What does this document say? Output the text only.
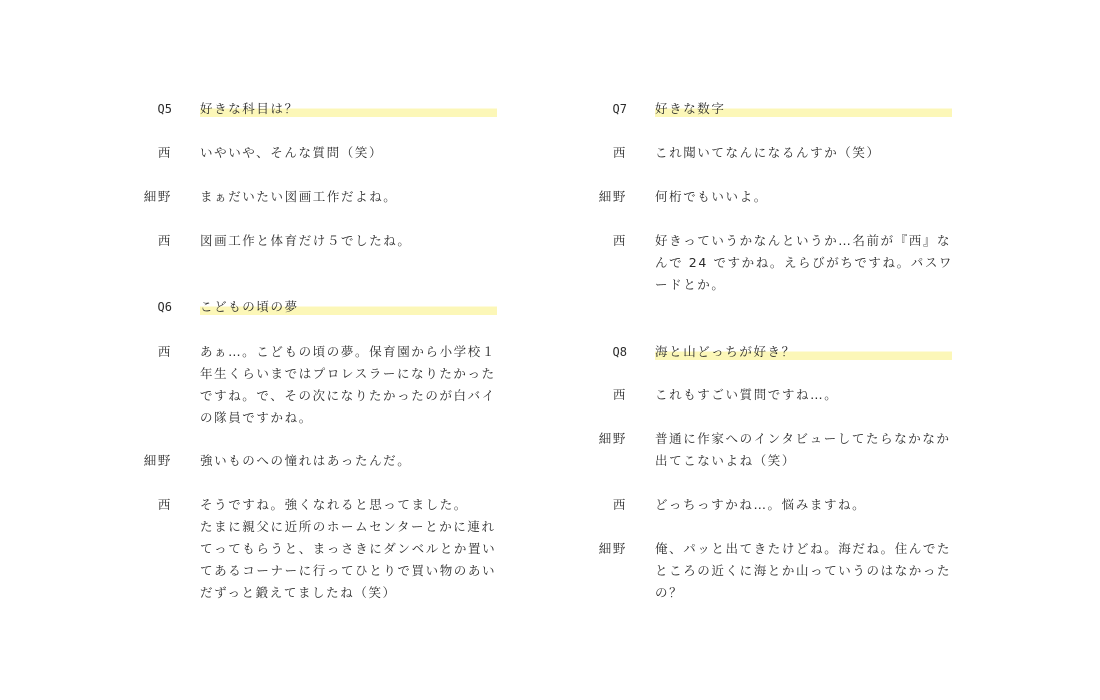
Q5 好きな科目は？
西 いやいや、そんな質問（笑）
細野 まぁだいたい図画工作だよね。
西 図画工作と体育だけ５でしたね。
Q6 こどもの頃の夢
西 あぁ…。こどもの頃の夢。保育園から小学校１
年生くらいまではプロレスラーになりたかった
ですね。で、その次になりたかったのが白バイ
の隊員ですかね。
細野 強いものへの憧れはあったんだ。
西 そうですね。強くなれると思ってました。
たまに親父に近所のホームセンターとかに連れ
てってもらうと、まっさきにダンベルとか置い
てあるコーナーに行ってひとりで買い物のあい
だずっと鍛えてましたね（笑）
Q7 好きな数字
西 これ聞いてなんになるんすか（笑）
細野 何桁でもいいよ。
西 好きっていうかなんというか…名前が『西』な
んで 24 ですかね。えらびがちですね。パスワ
ードとか。
Q8 海と山どっちが好き？
西 これもすごい質問ですね…。
細野 普通に作家へのインタビューしてたらなかなか
出てこないよね（笑）
西 どっちっすかね…。悩みますね。
細野 俺、パッと出てきたけどね。海だね。住んでた
ところの近くに海とか山っていうのはなかった
の？
